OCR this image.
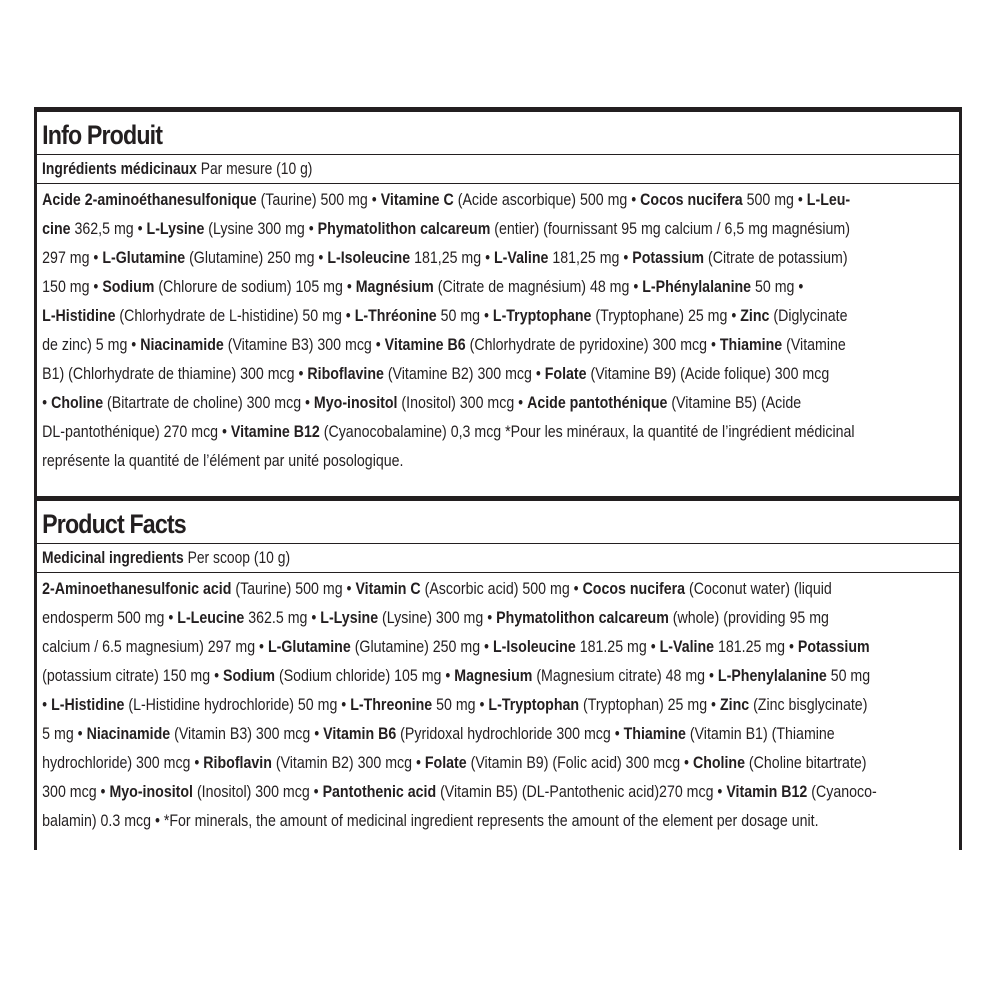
Info Produit
Ingrédients médicinaux Par mesure (10 g)
Acide 2-aminoéthanesulfonique (Taurine) 500 mg • Vitamine C (Acide ascorbique) 500 mg • Cocos nucifera 500 mg • L-Leu-
cine 362,5 mg • L-Lysine (Lysine 300 mg • Phymatolithon calcareum (entier) (fournissant 95 mg calcium / 6,5 mg magnésium)
297 mg • L-Glutamine (Glutamine) 250 mg • L-Isoleucine 181,25 mg • L-Valine 181,25 mg • Potassium (Citrate de potassium)
150 mg • Sodium (Chlorure de sodium) 105 mg • Magnésium (Citrate de magnésium) 48 mg • L-Phénylalanine 50 mg •
L-Histidine (Chlorhydrate de L-histidine) 50 mg • L-Thréonine 50 mg • L-Tryptophane (Tryptophane) 25 mg • Zinc (Diglycinate
de zinc) 5 mg • Niacinamide (Vitamine B3) 300 mcg • Vitamine B6 (Chlorhydrate de pyridoxine) 300 mcg • Thiamine (Vitamine
B1) (Chlorhydrate de thiamine) 300 mcg • Riboflavine (Vitamine B2) 300 mcg • Folate (Vitamine B9) (Acide folique) 300 mcg
• Choline (Bitartrate de choline) 300 mcg • Myo-inositol (Inositol) 300 mcg • Acide pantothénique (Vitamine B5) (Acide
DL-pantothénique) 270 mcg • Vitamine B12 (Cyanocobalamine) 0,3 mcg *Pour les minéraux, la quantité de l’ingrédient médicinal
représente la quantité de l’élément par unité posologique.
Product Facts
Medicinal ingredients Per scoop (10 g)
2-Aminoethanesulfonic acid (Taurine) 500 mg • Vitamin C (Ascorbic acid) 500 mg • Cocos nucifera (Coconut water) (liquid
endosperm 500 mg • L-Leucine 362.5 mg • L-Lysine (Lysine) 300 mg • Phymatolithon calcareum (whole) (providing 95 mg
calcium / 6.5 magnesium) 297 mg • L-Glutamine (Glutamine) 250 mg • L-Isoleucine 181.25 mg • L-Valine 181.25 mg • Potassium
(potassium citrate) 150 mg • Sodium (Sodium chloride) 105 mg • Magnesium (Magnesium citrate) 48 mg • L-Phenylalanine 50 mg
• L-Histidine (L-Histidine hydrochloride) 50 mg • L-Threonine 50 mg • L-Tryptophan (Tryptophan) 25 mg • Zinc (Zinc bisglycinate)
5 mg • Niacinamide (Vitamin B3) 300 mcg • Vitamin B6 (Pyridoxal hydrochloride 300 mcg • Thiamine (Vitamin B1) (Thiamine
hydrochloride) 300 mcg • Riboflavin (Vitamin B2) 300 mcg • Folate (Vitamin B9) (Folic acid) 300 mcg • Choline (Choline bitartrate)
300 mcg • Myo-inositol (Inositol) 300 mcg • Pantothenic acid (Vitamin B5) (DL-Pantothenic acid)270 mcg • Vitamin B12 (Cyanoco-
balamin) 0.3 mcg • *For minerals, the amount of medicinal ingredient represents the amount of the element per dosage unit.
